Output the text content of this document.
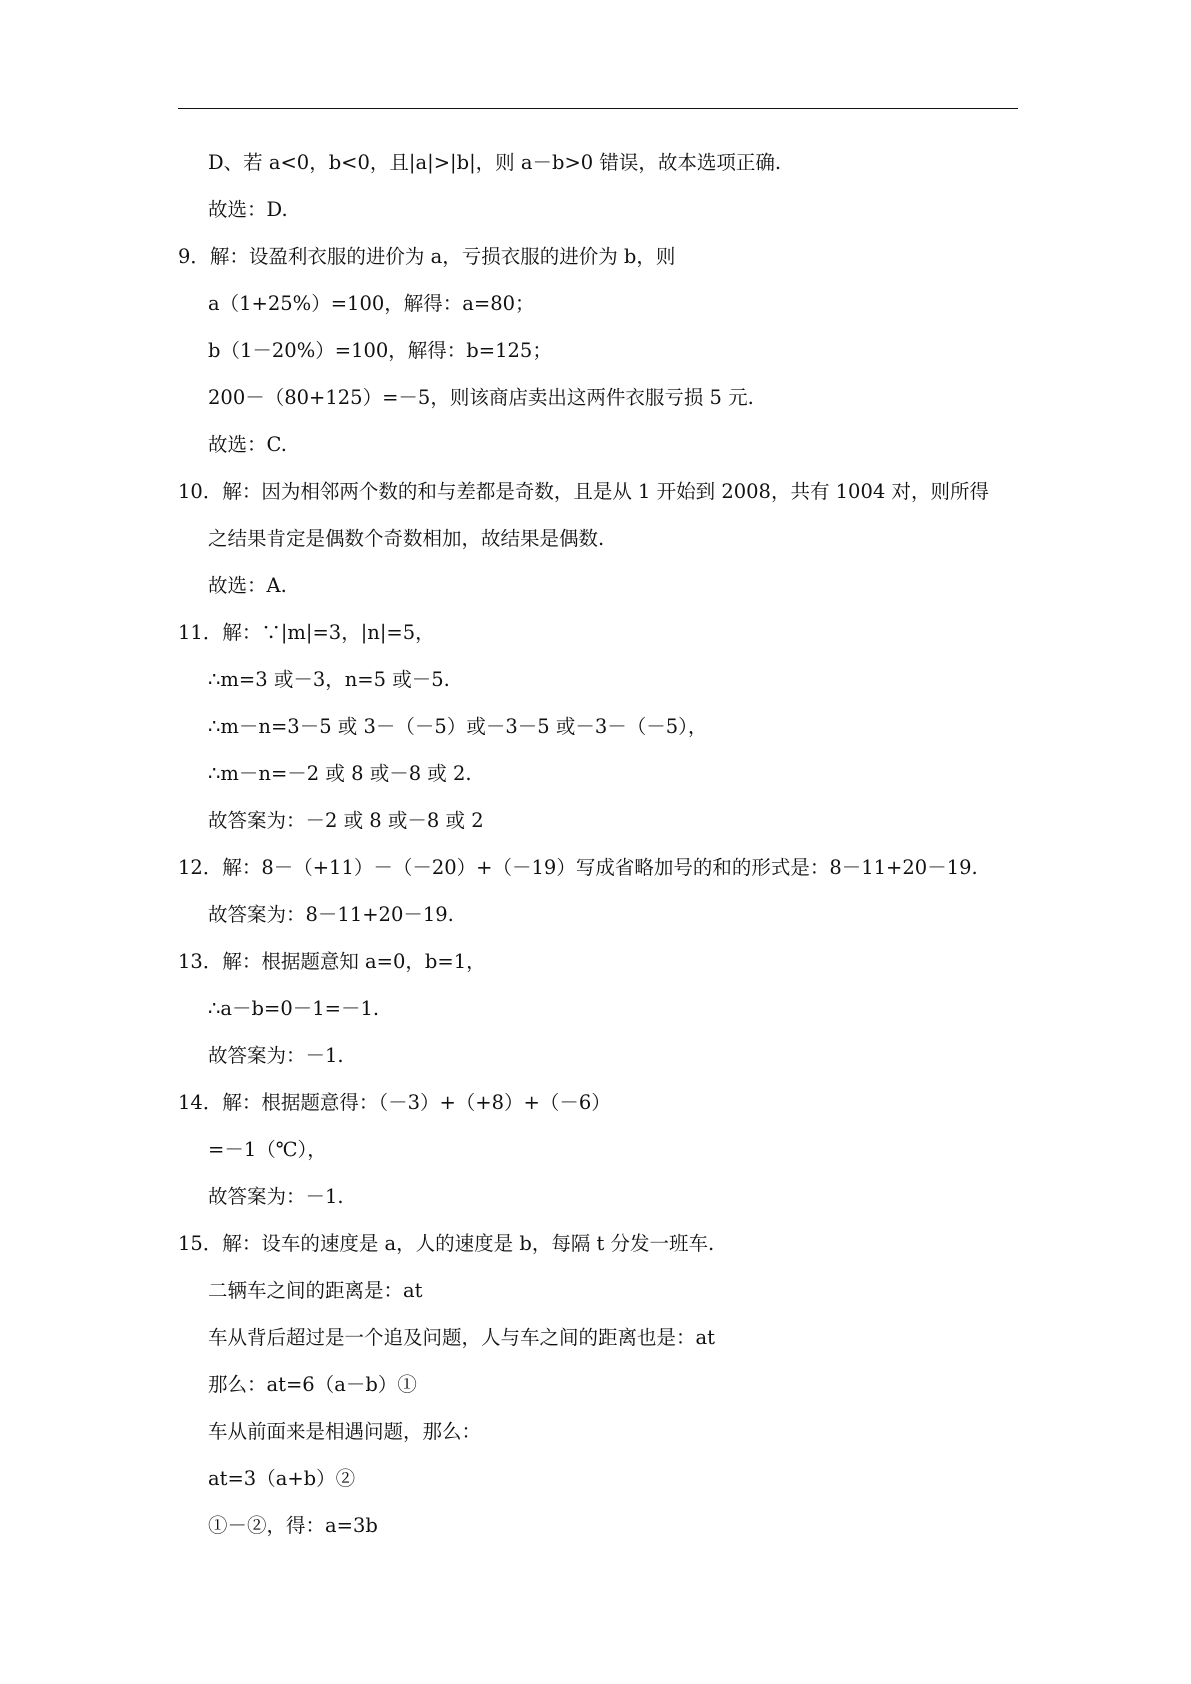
D、若 a<0，b<0，且|a|>|b|，则 a－b>0 错误，故本选项正确.
故选：D.
9．解：设盈利衣服的进价为 a，亏损衣服的进价为 b，则
a（1+25%）=100，解得：a=80；
b（1－20%）=100，解得：b=125；
200－（80+125）=－5，则该商店卖出这两件衣服亏损 5 元.
故选：C.
10．解：因为相邻两个数的和与差都是奇数，且是从 1 开始到 2008，共有 1004 对，则所得
之结果肯定是偶数个奇数相加，故结果是偶数.
故选：A.
11．解：∵|m|=3，|n|=5，
∴m=3 或－3，n=5 或－5.
∴m－n=3－5 或 3－（－5）或－3－5 或－3－（－5），
∴m－n=－2 或 8 或－8 或 2.
故答案为：－2 或 8 或－8 或 2
12．解：8－（+11）－（－20）+（－19）写成省略加号的和的形式是：8－11+20－19.
故答案为：8－11+20－19.
13．解：根据题意知 a=0，b=1，
∴a－b=0－1=－1.
故答案为：－1.
14．解：根据题意得：（－3）+（+8）+（－6）
=－1（℃），
故答案为：－1.
15．解：设车的速度是 a，人的速度是 b，每隔 t 分发一班车.
二辆车之间的距离是：at
车从背后超过是一个追及问题，人与车之间的距离也是：at
那么：at=6（a－b）①
车从前面来是相遇问题，那么：
at=3（a+b）②
①－②，得：a=3b
